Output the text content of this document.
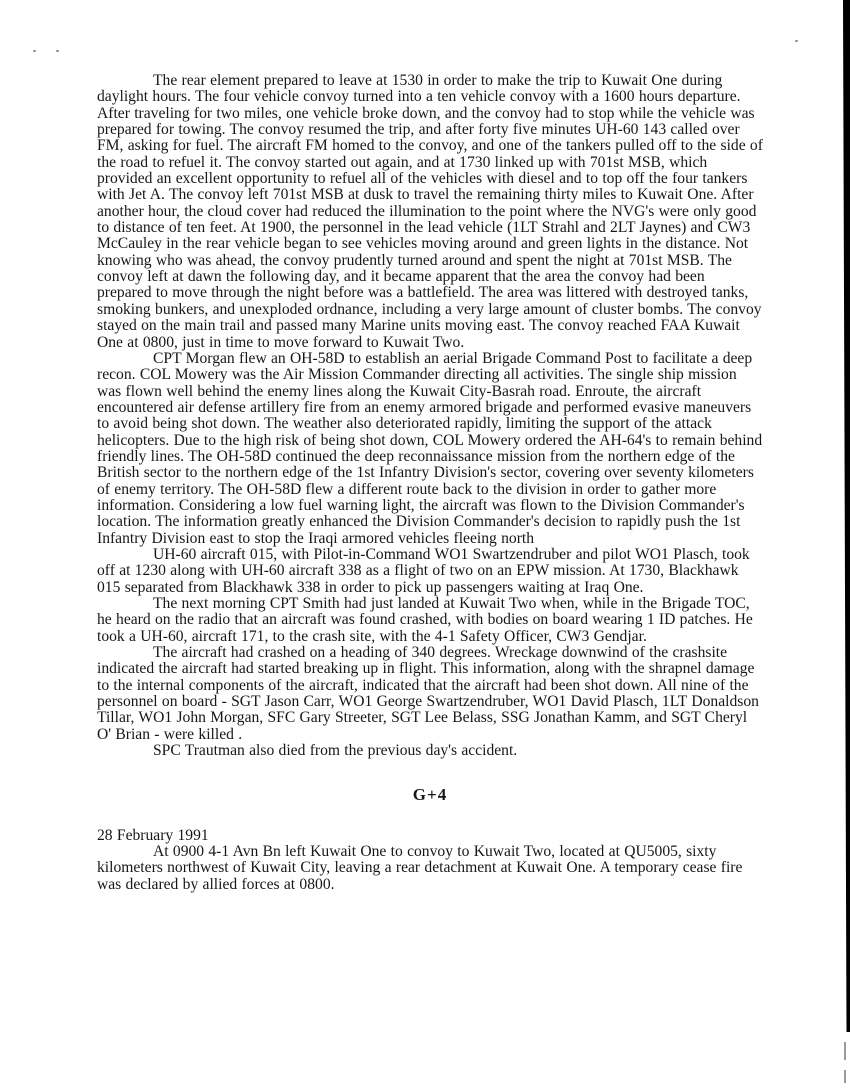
The rear element prepared to leave at 1530 in order to make the trip to Kuwait One during daylight hours. The four vehicle convoy turned into a ten vehicle convoy with a 1600 hours departure. After traveling for two miles, one vehicle broke down, and the convoy had to stop while the vehicle was prepared for towing. The convoy resumed the trip, and after forty five minutes UH-60 143 called over FM, asking for fuel. The aircraft FM homed to the convoy, and one of the tankers pulled off to the side of the road to refuel it. The convoy started out again, and at 1730 linked up with 701st MSB, which provided an excellent opportunity to refuel all of the vehicles with diesel and to top off the four tankers with Jet A. The convoy left 701st MSB at dusk to travel the remaining thirty miles to Kuwait One. After another hour, the cloud cover had reduced the illumination to the point where the NVG's were only good to distance of ten feet. At 1900, the personnel in the lead vehicle (1LT Strahl and 2LT Jaynes) and CW3 McCauley in the rear vehicle began to see vehicles moving around and green lights in the distance. Not knowing who was ahead, the convoy prudently turned around and spent the night at 701st MSB. The convoy left at dawn the following day, and it became apparent that the area the convoy had been prepared to move through the night before was a battlefield. The area was littered with destroyed tanks, smoking bunkers, and unexploded ordnance, including a very large amount of cluster bombs. The convoy stayed on the main trail and passed many Marine units moving east. The convoy reached FAA Kuwait One at 0800, just in time to move forward to Kuwait Two.

CPT Morgan flew an OH-58D to establish an aerial Brigade Command Post to facilitate a deep recon. COL Mowery was the Air Mission Commander directing all activities. The single ship mission was flown well behind the enemy lines along the Kuwait City-Basrah road. Enroute, the aircraft encountered air defense artillery fire from an enemy armored brigade and performed evasive maneuvers to avoid being shot down. The weather also deteriorated rapidly, limiting the support of the attack helicopters. Due to the high risk of being shot down, COL Mowery ordered the AH-64's to remain behind friendly lines. The OH-58D continued the deep reconnaissance mission from the northern edge of the British sector to the northern edge of the 1st Infantry Division's sector, covering over seventy kilometers of enemy territory. The OH-58D flew a different route back to the division in order to gather more information. Considering a low fuel warning light, the aircraft was flown to the Division Commander's location. The information greatly enhanced the Division Commander's decision to rapidly push the 1st Infantry Division east to stop the Iraqi armored vehicles fleeing north

UH-60 aircraft 015, with Pilot-in-Command WO1 Swartzendruber and pilot WO1 Plasch, took off at 1230 along with UH-60 aircraft 338 as a flight of two on an EPW mission. At 1730, Blackhawk 015 separated from Blackhawk 338 in order to pick up passengers waiting at Iraq One.

The next morning CPT Smith had just landed at Kuwait Two when, while in the Brigade TOC, he heard on the radio that an aircraft was found crashed, with bodies on board wearing 1 ID patches. He took a UH-60, aircraft 171, to the crash site, with the 4-1 Safety Officer, CW3 Gendjar.

The aircraft had crashed on a heading of 340 degrees. Wreckage downwind of the crashsite indicated the aircraft had started breaking up in flight. This information, along with the shrapnel damage to the internal components of the aircraft, indicated that the aircraft had been shot down. All nine of the personnel on board - SGT Jason Carr, WO1 George Swartzendruber, WO1 David Plasch, 1LT Donaldson Tillar, WO1 John Morgan, SFC Gary Streeter, SGT Lee Belass, SSG Jonathan Kamm, and SGT Cheryl O' Brian - were killed .

SPC Trautman also died from the previous day's accident.

G+4

28 February 1991

At 0900 4-1 Avn Bn left Kuwait One to convoy to Kuwait Two, located at QU5005, sixty kilometers northwest of Kuwait City, leaving a rear detachment at Kuwait One. A temporary cease fire was declared by allied forces at 0800.
